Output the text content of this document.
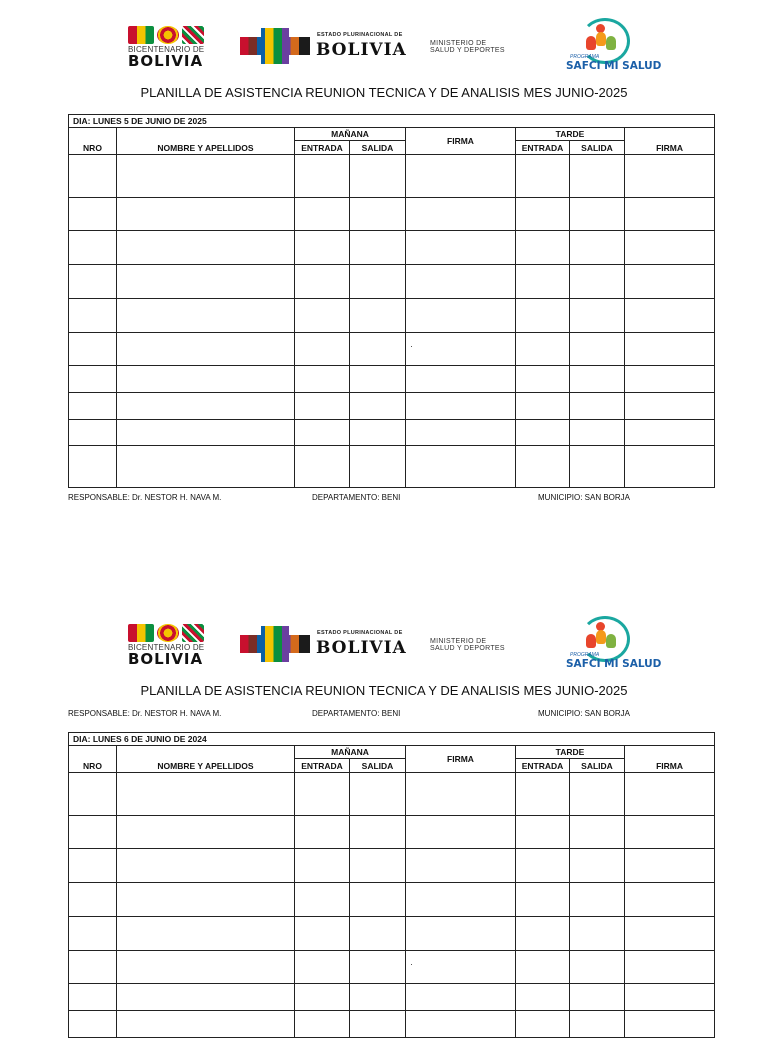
BICENTENARIO DE
BOLIVIA
ESTADO PLURINACIONAL DE
BOLIVIA	MINISTERIO DE
SALUD Y DEPORTES
PROGRAMA
SAFCI MI SALUD
PLANILLA DE ASISTENCIA REUNION TECNICA Y DE ANALISIS MES JUNIO-2025
DIA: LUNES 5 DE JUNIO DE 2025							
NRO	NOMBRE Y APELLIDOS	MAÑANA		FIRMA	TARDE		FIRMA
		ENTRADA	SALIDA		ENTRADA	SALIDA	

RESPONSABLE: Dr. NESTOR H. NAVA M.	DEPARTAMENTO: BENI	MUNICIPIO: SAN BORJA
BICENTENARIO DE
BOLIVIA
ESTADO PLURINACIONAL DE
BOLIVIA	MINISTERIO DE
SALUD Y DEPORTES
PROGRAMA
SAFCI MI SALUD
PLANILLA DE ASISTENCIA REUNION TECNICA Y DE ANALISIS MES JUNIO-2025
RESPONSABLE: Dr. NESTOR H. NAVA M.	DEPARTAMENTO: BENI	MUNICIPIO: SAN BORJA
DIA: LUNES 6 DE JUNIO DE 2024							
NRO	NOMBRE Y APELLIDOS	MAÑANA		FIRMA	TARDE		FIRMA
		ENTRADA	SALIDA		ENTRADA	SALIDA	
